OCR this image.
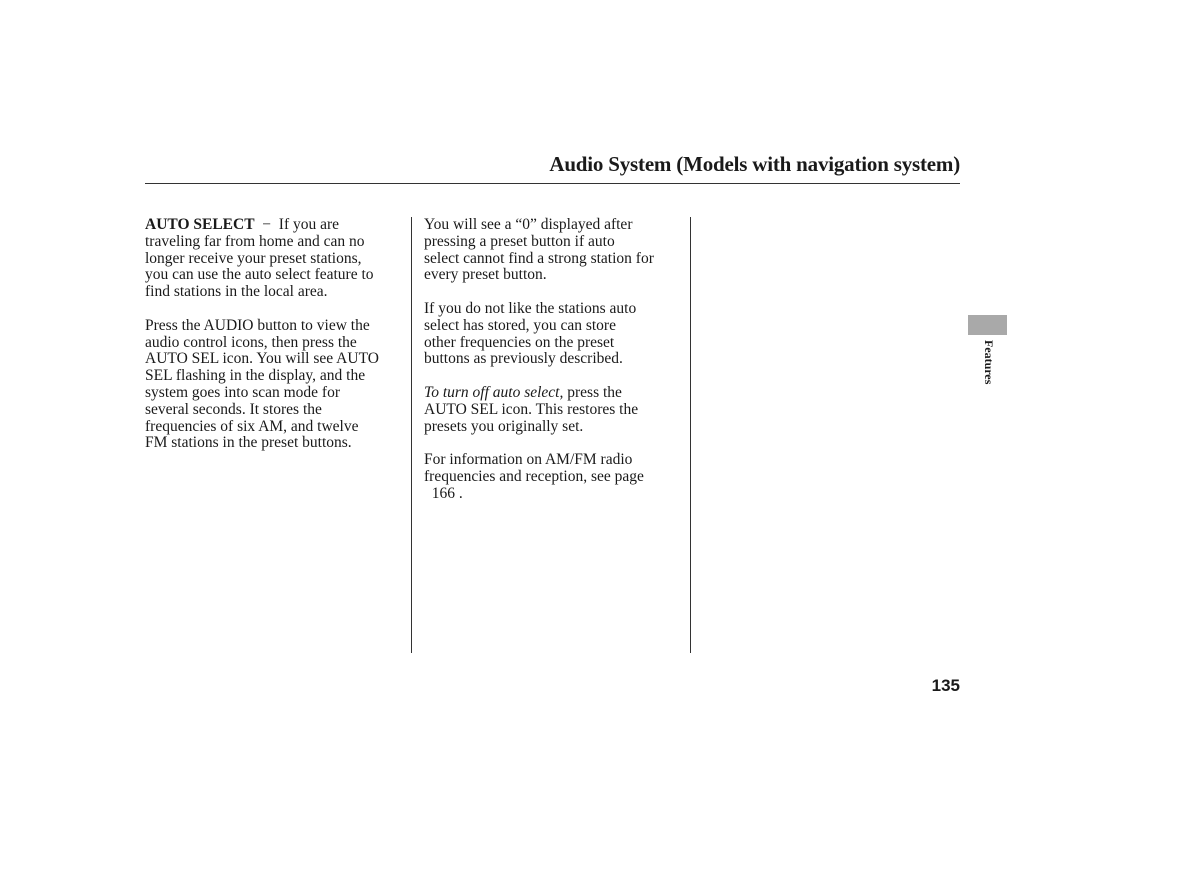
Audio System (Models with navigation system)

AUTO SELECT − If you are
traveling far from home and can no
longer receive your preset stations,
you can use the auto select feature to
find stations in the local area.

Press the AUDIO button to view the
audio control icons, then press the
AUTO SEL icon. You will see AUTO
SEL flashing in the display, and the
system goes into scan mode for
several seconds. It stores the
frequencies of six AM, and twelve
FM stations in the preset buttons.

You will see a “0” displayed after
pressing a preset button if auto
select cannot find a strong station for
every preset button.

If you do not like the stations auto
select has stored, you can store
other frequencies on the preset
buttons as previously described.

To turn off auto select, press the
AUTO SEL icon. This restores the
presets you originally set.

For information on AM/FM radio
frequencies and reception, see page
166 .

Features
135
